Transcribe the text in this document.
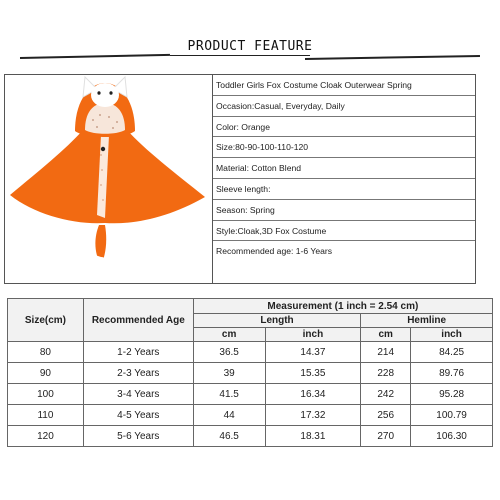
PRODUCT FEATURE
Toddler Girls Fox Costume Cloak Outerwear Spring
Occasion:Casual, Everyday, Daily
Color: Orange
Size:80-90-100-110-120
Material: Cotton Blend
Sleeve length:
Season: Spring
Style:Cloak,3D Fox Costume
Recommended age: 1-6 Years
Size(cm)	Recommended Age	Measurement (1 inch = 2.54 cm)			
		Length		Hemline	
		cm	inch	cm	inch
80	1-2 Years	36.5	14.37	214	84.25
90	2-3 Years	39	15.35	228	89.76
100	3-4 Years	41.5	16.34	242	95.28
110	4-5 Years	44	17.32	256	100.79
120	5-6 Years	46.5	18.31	270	106.30
